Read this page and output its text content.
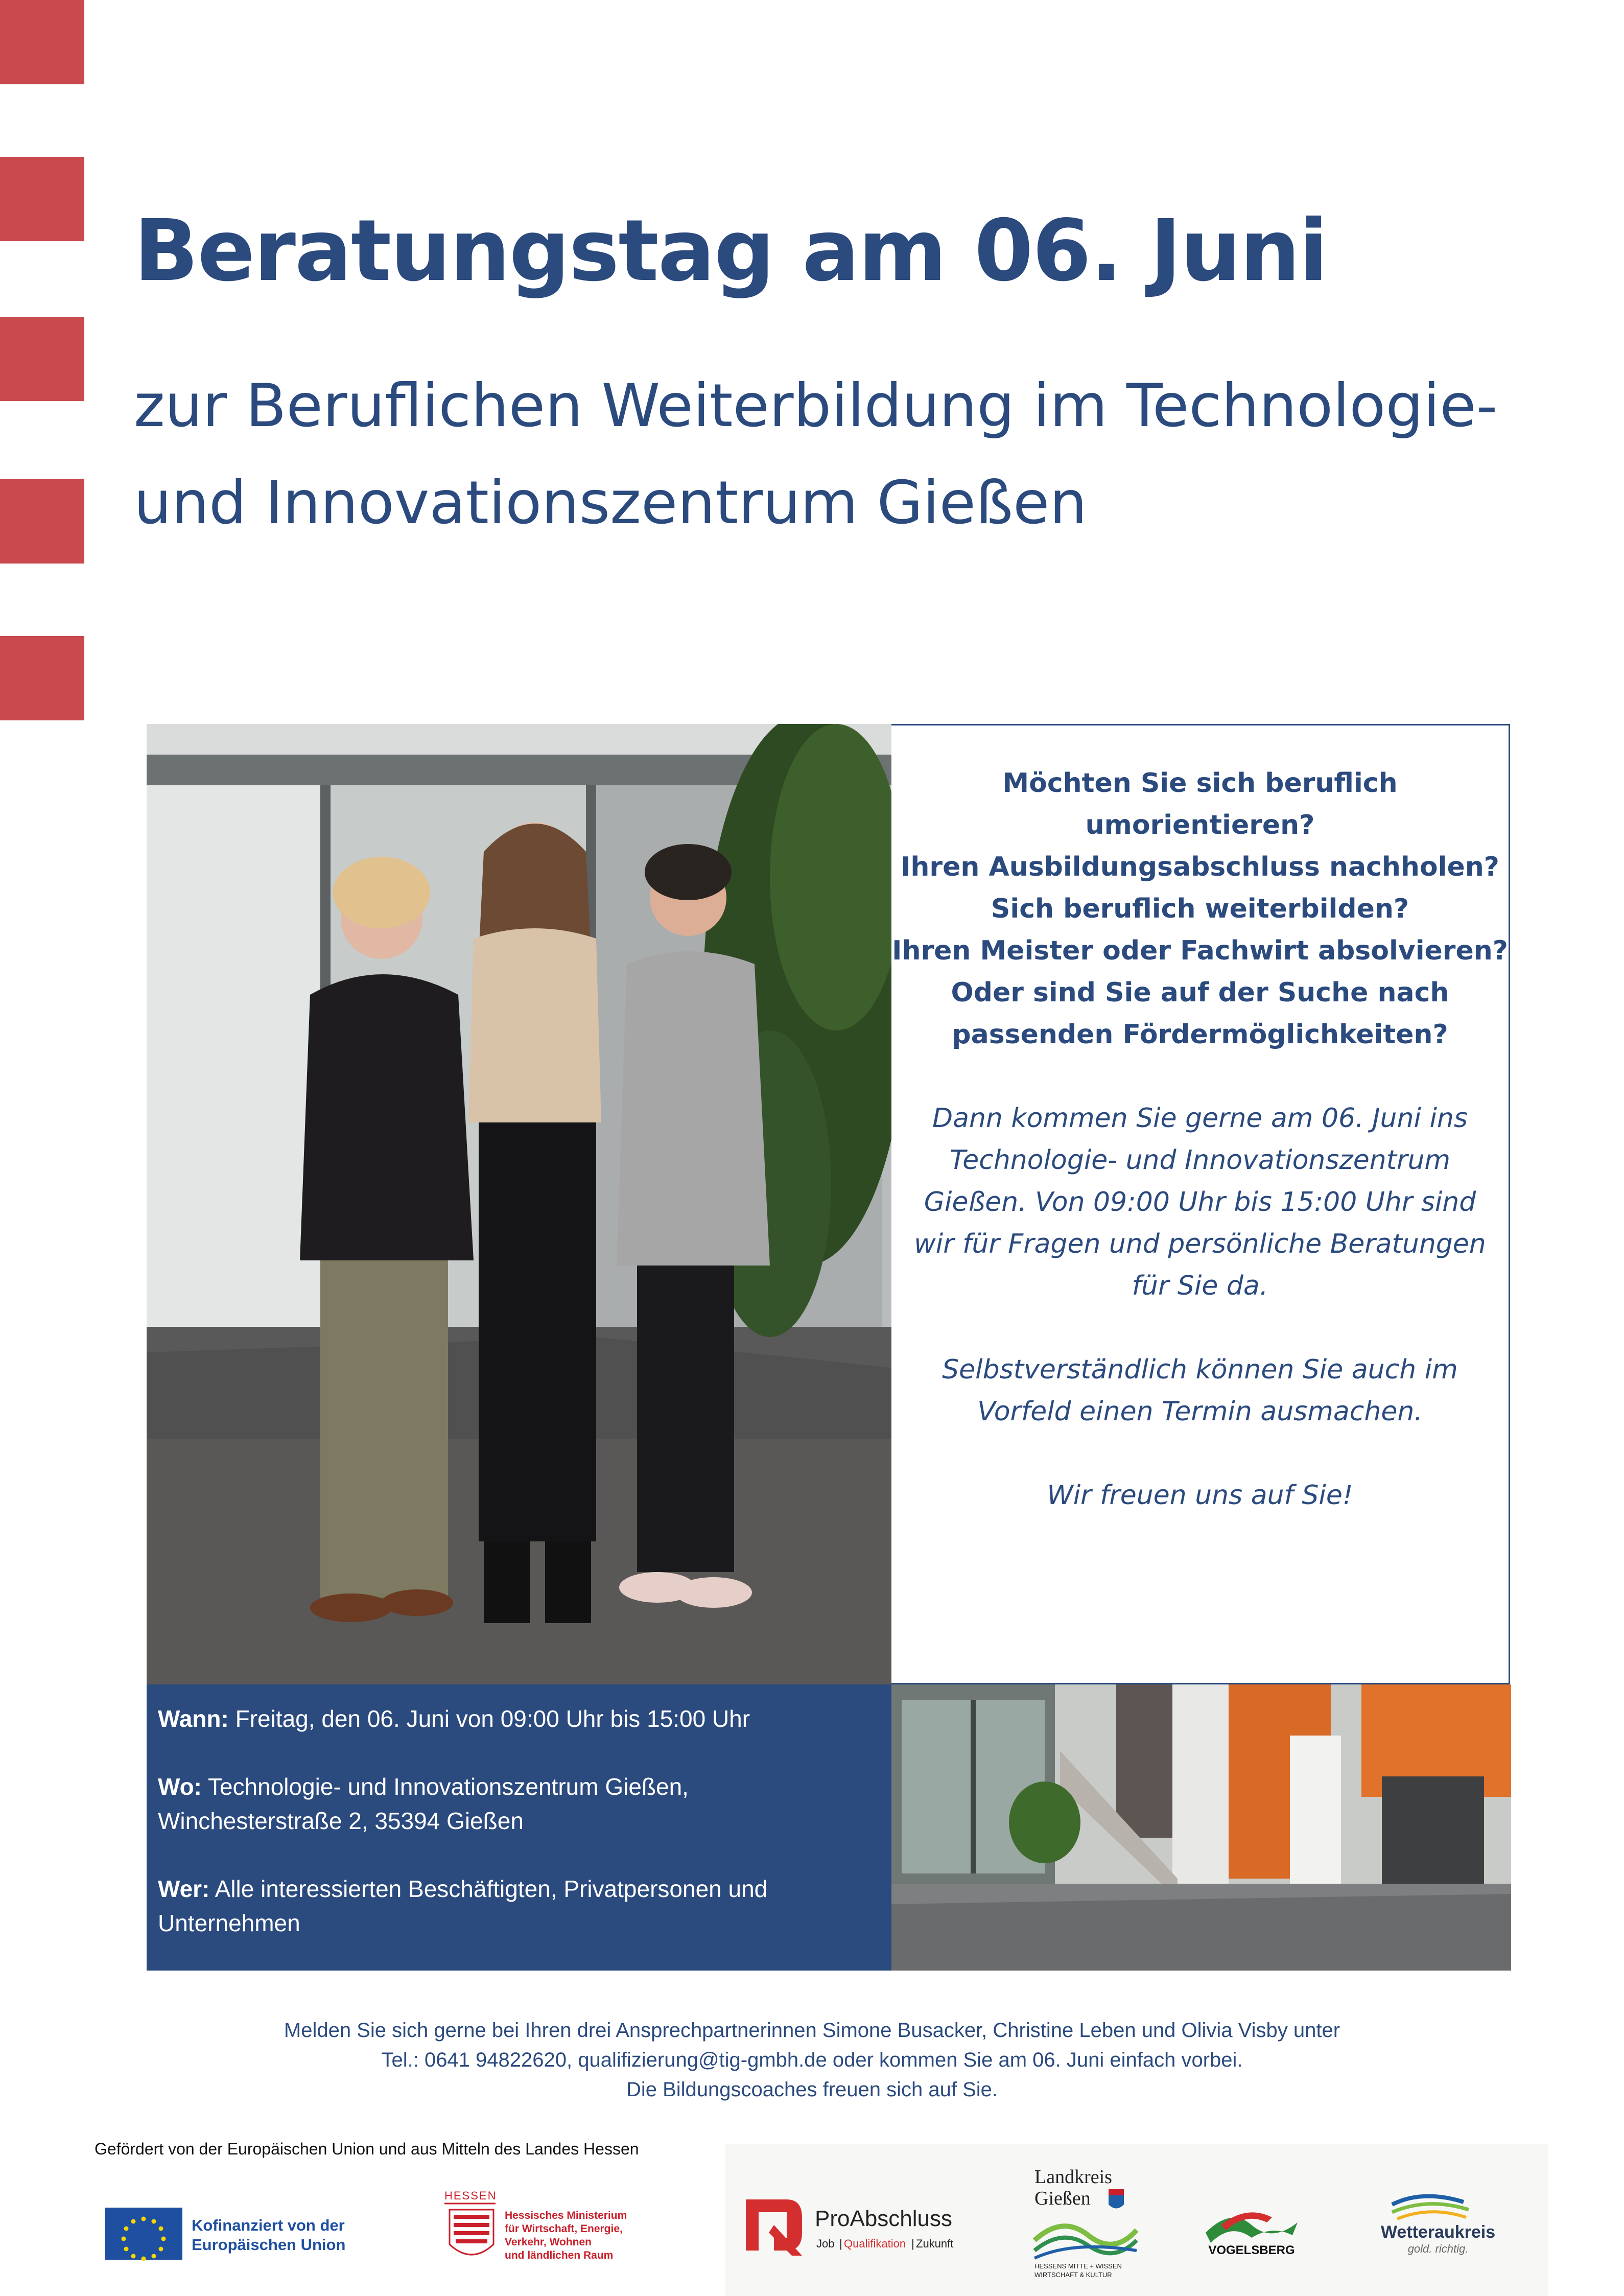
Beratungstag am 06. Juni
zur Beruflichen Weiterbildung im Technologie-
und Innovationszentrum Gießen
Möchten Sie sich beruflich
umorientieren?
Ihren Ausbildungsabschluss nachholen?
Sich beruflich weiterbilden?
Ihren Meister oder Fachwirt absolvieren?
Oder sind Sie auf der Suche nach
passenden Fördermöglichkeiten?
Dann kommen Sie gerne am 06. Juni ins
Technologie- und Innovationszentrum
Gießen. Von 09:00 Uhr bis 15:00 Uhr sind
wir für Fragen und persönliche Beratungen
für Sie da.
Selbstverständlich können Sie auch im
Vorfeld einen Termin ausmachen.
Wir freuen uns auf Sie!
Wann: Freitag, den 06. Juni von 09:00 Uhr bis 15:00 Uhr
Wo: Technologie- und Innovationszentrum Gießen,
Winchesterstraße 2, 35394 Gießen
Wer: Alle interessierten Beschäftigten, Privatpersonen und
Unternehmen
Melden Sie sich gerne bei Ihren drei Ansprechpartnerinnen Simone Busacker, Christine Leben und Olivia Visby unter
Tel.: 0641 94822620, qualifizierung@tig-gmbh.de oder kommen Sie am 06. Juni einfach vorbei.
Die Bildungscoaches freuen sich auf Sie.
Gefördert von der Europäischen Union und aus Mitteln des Landes Hessen
Kofinanziert von der
Europäischen Union
HESSEN
Hessisches Ministerium
für Wirtschaft, Energie,
Verkehr, Wohnen
und ländlichen Raum
ProAbschluss
Job | Qualifikation | Zukunft
Landkreis
Gießen
HESSENS MITTE + WISSEN
WIRTSCHAFT & KULTUR
VOGELSBERG
Wetteraukreis
gold. richtig.
